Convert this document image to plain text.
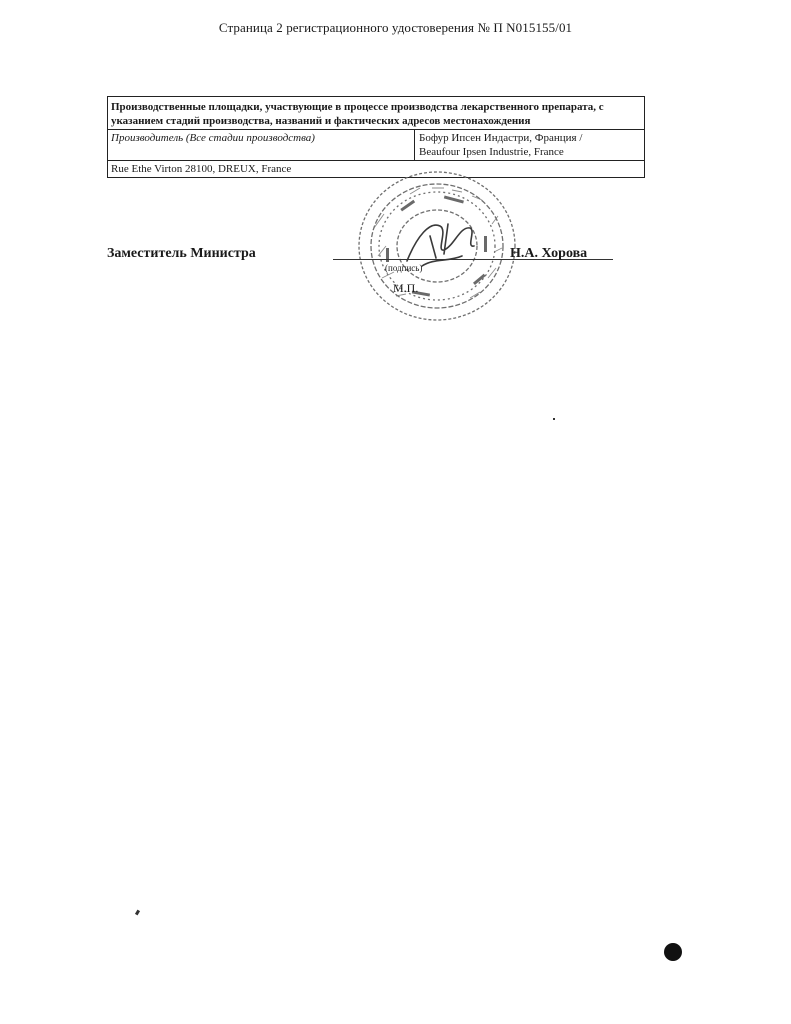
Страница 2 регистрационного удостоверения № П N015155/01
Производственные площадки, участвующие в процессе производства лекарственного препарата, с указанием стадий производства, названий и фактических адресов местонахождения
Производитель (Все стадии производства)	Бофур Ипсен Индастри, Франция /
Beaufour Ipsen Industrie, France

Rue Ethe Virton 28100, DREUX, France
Заместитель Министра	Н.А. Хорова
(подпись)
М.П.
